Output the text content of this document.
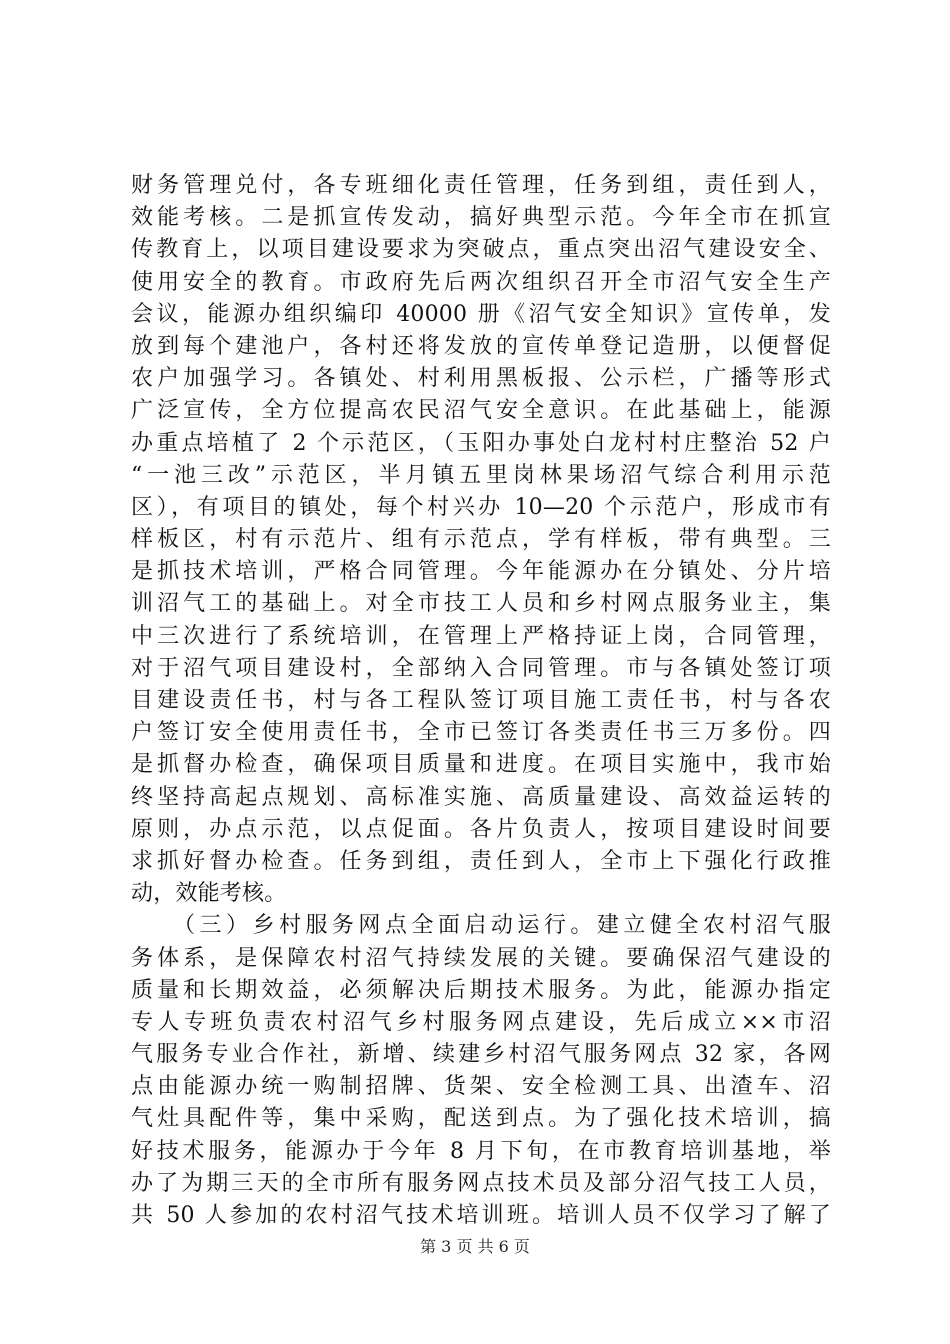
财务管理兑付，各专班细化责任管理，任务到组，责任到人，
效能考核。二是抓宣传发动，搞好典型示范。今年全市在抓宣
传教育上，以项目建设要求为突破点，重点突出沼气建设安全、
使用安全的教育。市政府先后两次组织召开全市沼气安全生产
会议，能源办组织编印 40000 册《沼气安全知识》宣传单，发
放到每个建池户，各村还将发放的宣传单登记造册，以便督促
农户加强学习。各镇处、村利用黑板报、公示栏，广播等形式
广泛宣传，全方位提高农民沼气安全意识。在此基础上，能源
办重点培植了 2 个示范区，（玉阳办事处白龙村村庄整治 52 户
“一池三改”示范区，半月镇五里岗林果场沼气综合利用示范
区），有项目的镇处，每个村兴办 10—20 个示范户，形成市有
样板区，村有示范片、组有示范点，学有样板，带有典型。三
是抓技术培训，严格合同管理。今年能源办在分镇处、分片培
训沼气工的基础上。对全市技工人员和乡村网点服务业主，集
中三次进行了系统培训，在管理上严格持证上岗，合同管理，
对于沼气项目建设村，全部纳入合同管理。市与各镇处签订项
目建设责任书，村与各工程队签订项目施工责任书，村与各农
户签订安全使用责任书，全市已签订各类责任书三万多份。四
是抓督办检查，确保项目质量和进度。在项目实施中，我市始
终坚持高起点规划、高标准实施、高质量建设、高效益运转的
原则，办点示范，以点促面。各片负责人，按项目建设时间要
求抓好督办检查。任务到组，责任到人，全市上下强化行政推
动，效能考核。
　　（三）乡村服务网点全面启动运行。建立健全农村沼气服
务体系，是保障农村沼气持续发展的关键。要确保沼气建设的
质量和长期效益，必须解决后期技术服务。为此，能源办指定
专人专班负责农村沼气乡村服务网点建设，先后成立××市沼
气服务专业合作社，新增、续建乡村沼气服务网点 32 家，各网
点由能源办统一购制招牌、货架、安全检测工具、出渣车、沼
气灶具配件等，集中采购，配送到点。为了强化技术培训，搞
好技术服务，能源办于今年 8 月下旬，在市教育培训基地，举
办了为期三天的全市所有服务网点技术员及部分沼气技工人员，
共 50 人参加的农村沼气技术培训班。培训人员不仅学习了解了
第 3 页 共 6 页
